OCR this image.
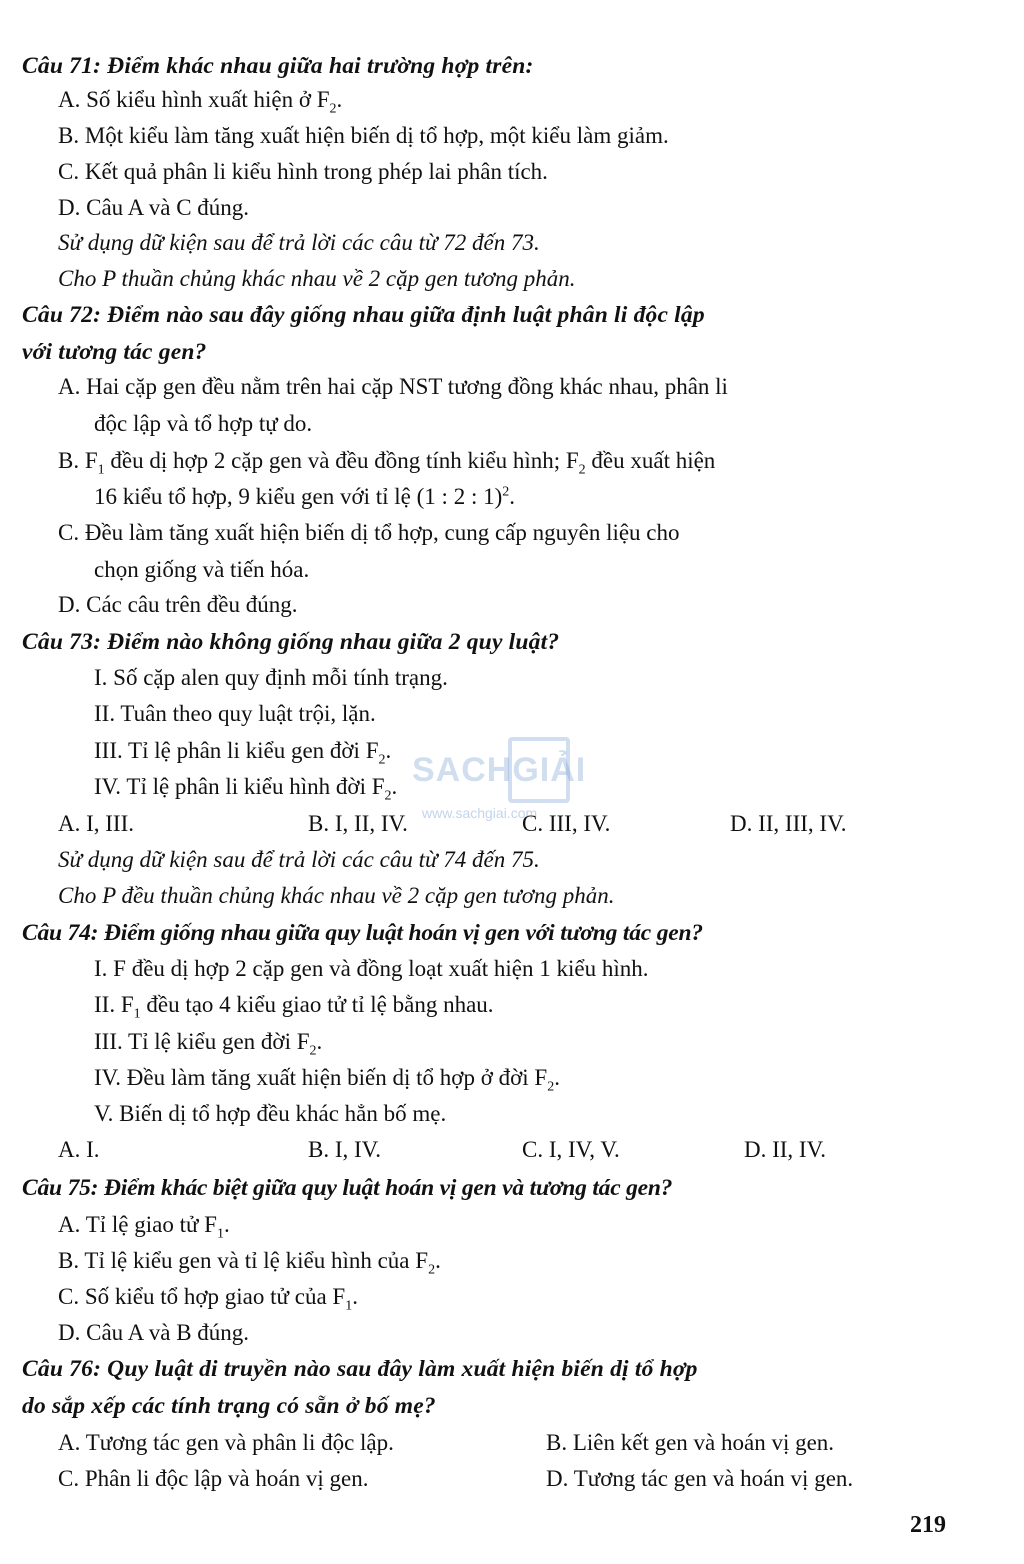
Câu 71: Điểm khác nhau giữa hai trường hợp trên:
A. Số kiểu hình xuất hiện ở $F_2$.
B. Một kiểu làm tăng xuất hiện biến dị tổ hợp, một kiểu làm giảm.
C. Kết quả phân li kiểu hình trong phép lai phân tích.
D. Câu A và C đúng.
Sử dụng dữ kiện sau để trả lời các câu từ 72 đến 73.
Cho P thuần chủng khác nhau về 2 cặp gen tương phản.
Câu 72: Điểm nào sau đây giống nhau giữa định luật phân li độc lập
với tương tác gen?
A. Hai cặp gen đều nằm trên hai cặp NST tương đồng khác nhau, phân li
độc lập và tổ hợp tự do.
B. $F_1$ đều dị hợp 2 cặp gen và đều đồng tính kiểu hình; $F_2$ đều xuất hiện
16 kiểu tổ hợp, 9 kiểu gen với tỉ lệ (1 : 2 : 1)$^2$.
C. Đều làm tăng xuất hiện biến dị tổ hợp, cung cấp nguyên liệu cho
chọn giống và tiến hóa.
D. Các câu trên đều đúng.
Câu 73: Điểm nào không giống nhau giữa 2 quy luật?
I. Số cặp alen quy định mỗi tính trạng.
II. Tuân theo quy luật trội, lặn.
III. Tỉ lệ phân li kiểu gen đời $F_2$.
IV. Tỉ lệ phân li kiểu hình đời $F_2$.
A. I, III.	B. I, II, IV.	C. III, IV.	D. II, III, IV.
Sử dụng dữ kiện sau để trả lời các câu từ 74 đến 75.
Cho P đều thuần chủng khác nhau về 2 cặp gen tương phản.
Câu 74: Điểm giống nhau giữa quy luật hoán vị gen với tương tác gen?
I. F đều dị hợp 2 cặp gen và đồng loạt xuất hiện 1 kiểu hình.
II. $F_1$ đều tạo 4 kiểu giao tử tỉ lệ bằng nhau.
III. Tỉ lệ kiểu gen đời $F_2$.
IV. Đều làm tăng xuất hiện biến dị tổ hợp ở đời $F_2$.
V. Biến dị tổ hợp đều khác hẳn bố mẹ.
A. I.	B. I, IV.	C. I, IV, V.	D. II, IV.
Câu 75: Điểm khác biệt giữa quy luật hoán vị gen và tương tác gen?
A. Tỉ lệ giao tử $F_1$.
B. Tỉ lệ kiểu gen và tỉ lệ kiểu hình của $F_2$.
C. Số kiểu tổ hợp giao tử của $F_1$.
D. Câu A và B đúng.
Câu 76: Quy luật di truyền nào sau đây làm xuất hiện biến dị tổ hợp
do sắp xếp các tính trạng có sẵn ở bố mẹ?
A. Tương tác gen và phân li độc lập.	B. Liên kết gen và hoán vị gen.
C. Phân li độc lập và hoán vị gen.	D. Tương tác gen và hoán vị gen.
SACHGIẢI
www.sachgiai.com
219
